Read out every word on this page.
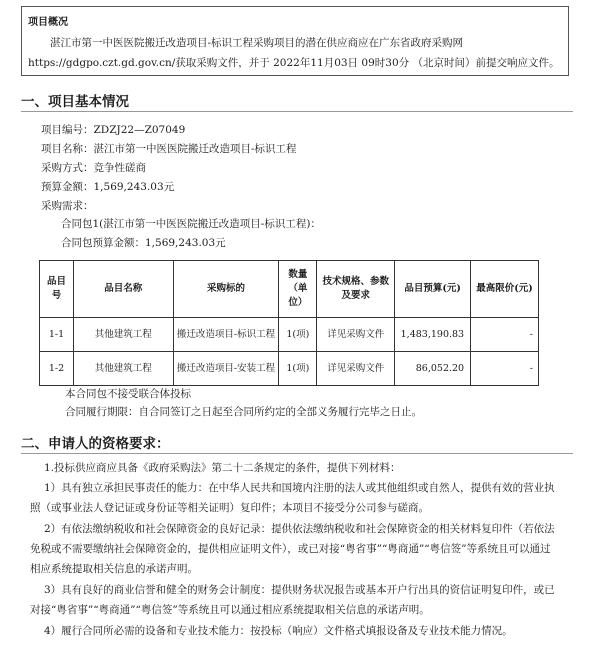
项目概况

湛江市第一中医医院搬迁改造项目-标识工程采购项目的潜在供应商应在广东省政府采购网https://gdgpo.czt.gd.gov.cn/获取采购文件，并于 2022年11月03日 09时30分 （北京时间）前提交响应文件。

一、项目基本情况

项目编号：ZDZJ22—Z07049

项目名称：湛江市第一中医医院搬迁改造项目-标识工程

采购方式：竞争性磋商

预算金额：1,569,243.03元

采购需求：

合同包1(湛江市第一中医医院搬迁改造项目-标识工程)：

合同包预算金额：1,569,243.03元

品目号	品目名称	采购标的	数量（单位）	技术规格、参数及要求	品目预算(元)	最高限价(元)
1-1	其他建筑工程	搬迁改造项目-标识工程	1(项)	详见采购文件	1,483,190.83	-
1-2	其他建筑工程	搬迁改造项目-安装工程	1(项)	详见采购文件	86,052.20	-

本合同包不接受联合体投标

合同履行期限：自合同签订之日起至合同所约定的全部义务履行完毕之日止。

二、申请人的资格要求：

1.投标供应商应具备《政府采购法》第二十二条规定的条件，提供下列材料：

1）具有独立承担民事责任的能力：在中华人民共和国境内注册的法人或其他组织或自然人，提供有效的营业执照（或事业法人登记证或身份证等相关证明）复印件；本项目不接受分公司参与磋商。

2）有依法缴纳税收和社会保障资金的良好记录：提供依法缴纳税收和社会保障资金的相关材料复印件（若依法免税或不需要缴纳社会保障资金的，提供相应证明文件），或已对接“粤省事”“粤商通”“粤信签”等系统且可以通过相应系统提取相关信息的承诺声明。

3）具有良好的商业信誉和健全的财务会计制度：提供财务状况报告或基本开户行出具的资信证明复印件，或已对接“粤省事”“粤商通”“粤信签”等系统且可以通过相应系统提取相关信息的承诺声明。

4）履行合同所必需的设备和专业技术能力：按投标（响应）文件格式填报设备及专业技术能力情况。
